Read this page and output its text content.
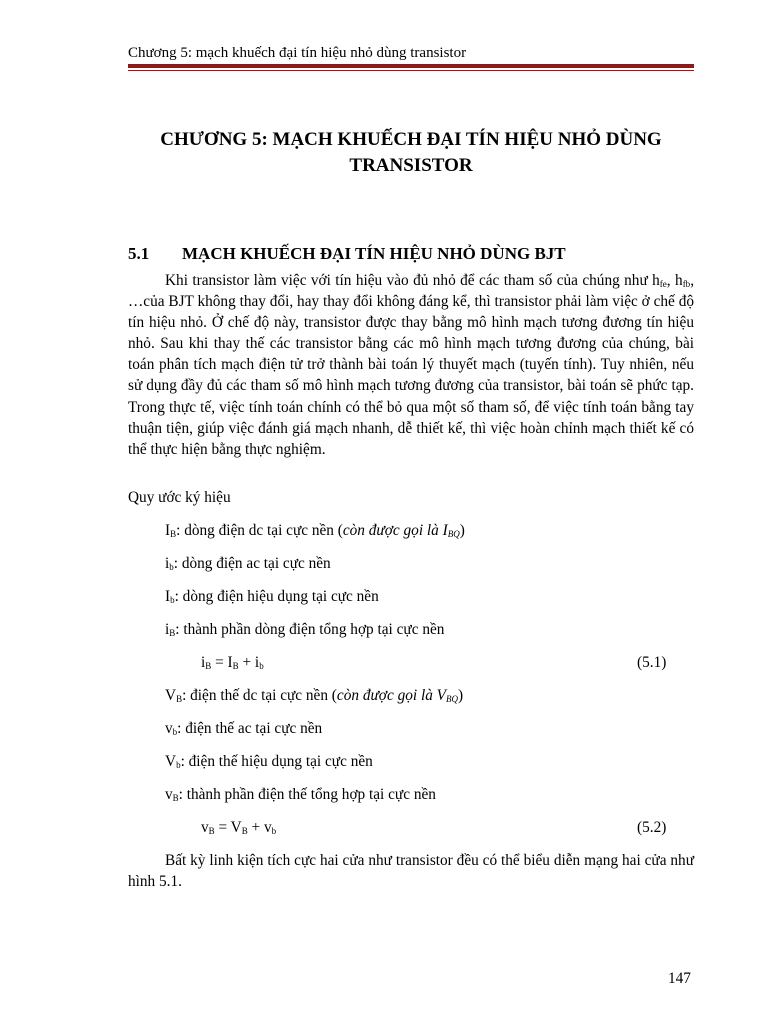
Chương 5: mạch khuếch đại tín hiệu nhỏ dùng transistor
CHƯƠNG 5: MẠCH KHUẾCH ĐẠI TÍN HIỆU NHỎ DÙNG
TRANSISTOR
5.1 MẠCH KHUẾCH ĐẠI TÍN HIỆU NHỎ DÙNG BJT

Khi transistor làm việc với tín hiệu vào đủ nhỏ để các tham số của chúng như $h_{fe}$, $h_{fb}$, …của BJT không thay đổi, hay thay đổi không đáng kể, thì transistor phải làm việc ở chế độ tín hiệu nhỏ. Ở chế độ này, transistor được thay bằng mô hình mạch tương đương tín hiệu nhỏ. Sau khi thay thế các transistor bằng các mô hình mạch tương đương của chúng, bài toán phân tích mạch điện tử trở thành bài toán lý thuyết mạch (tuyến tính). Tuy nhiên, nếu sử dụng đầy đủ các tham số mô hình mạch tương đương của transistor, bài toán sẽ phức tạp. Trong thực tế, việc tính toán chính có thể bỏ qua một số tham số, để việc tính toán bằng tay thuận tiện, giúp việc đánh giá mạch nhanh, dễ thiết kế, thì việc hoàn chỉnh mạch thiết kế có thể thực hiện bằng thực nghiệm.

Quy ước ký hiệu
$I_B$: dòng điện dc tại cực nền (còn được gọi là $I_{BQ}$)
$i_b$: dòng điện ac tại cực nền
$I_b$: dòng điện hiệu dụng tại cực nền
$i_B$: thành phần dòng điện tổng hợp tại cực nền
$i_B = I_B + i_b$	(5.1)
$V_B$: điện thế dc tại cực nền (còn được gọi là $V_{BQ}$)
$v_b$: điện thế ac tại cực nền
$V_b$: điện thế hiệu dụng tại cực nền
$v_B$: thành phần điện thế tổng hợp tại cực nền
$v_B = V_B + v_b$	(5.2)

Bất kỳ linh kiện tích cực hai cửa như transistor đều có thể biểu diễn mạng hai cửa như hình 5.1.

147
